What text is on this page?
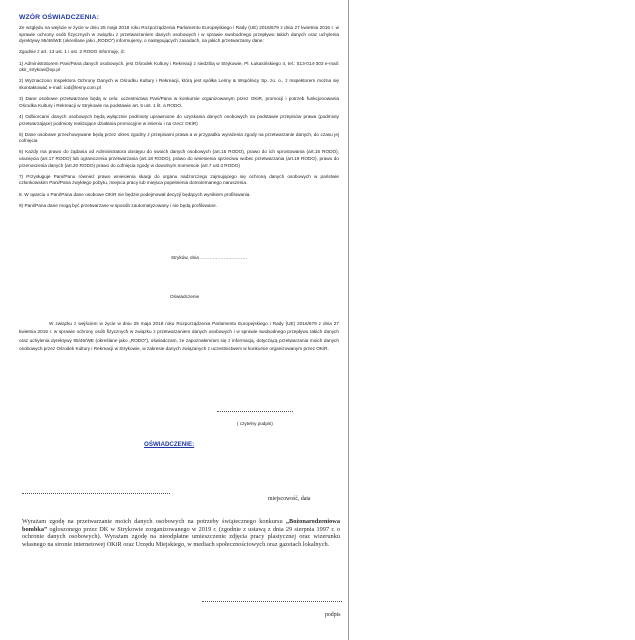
WZÓR OŚWIADCZENIA:

Ze względu na wejście w życie w dniu 25 maja 2018 roku Rozporządzenia Parlamentu Europejskiego i Rady (UE) 2016/679 z dnia 27 kwietnia 2016 r. w sprawie ochrony osób fizycznych w związku z przetwarzaniem danych osobowych i w sprawie swobodnego przepływu takich danych oraz uchylenia dyrektywy 95/46/WE (określane jako „RODO”) informujemy, o następujących zasadach, na jakich przetwarzamy dane:

Zgodnie z art. 13 ust. 1 i ust. 2 RODO informuję, iż:

1) Administratorem Pani/Pana danych osobowych, jest Ośrodek Kultury i Rekreacji z siedzibą w Strykowie, Pl. Łukasińskiego 4, tel.: 513-014-303 e-mail: okir_strykow@op.pl

2) Wyznaczono Inspektora Ochrony Danych w Ośrodku Kultury i Rekreacji, którą jest spółka Leśny & Wspólnicy Sp. zo. o., z Inspektorem można się skontaktować e-mail: iod@lesny.com.pl

3) Dane osobowe przetwarzane będą w celu: uczestnictwa Pani/Pana w konkursie organizowanym przez OKiR, promocji i potrzeb funkcjonowania Ośrodka Kultury i Rekreacji w Strykowie na podstawie art. 6 ust. 1 lit. a RODO.

4) Odbiorcami danych osobowych będą wyłącznie podmioty uprawnione do uzyskania danych osobowych na podstawie przepisów prawa (podmioty przetwarzające) podmioty realizujące działania promocyjne w imieniu i na rzecz OKiR)

5) Dane osobowe przechowywane będą przez okres zgodny z przepisami prawa a w przypadku wyrażenia zgody na przetwarzanie danych, do czasu jej cofnięcia

6) Każdy ma prawo do żądania od Administratora dostępu do swoich danych osobowych (art.15 RODO), prawo do ich sprostowania (art.16 RODO), usunięcia (art.17 RODO) lub ograniczenia przetwarzania (art.18 RODO), prawo do wniesienia sprzeciwu wobec przetwarzania (art.19 RODO), prawo do przenoszenia danych (art.20 RODO) prawo do cofnięcia zgody w dowolnym momencie (art.7 ust.3 RODO)

7) Przysługuje Pani/Panu również prawo wniesienia skargi do organu nadzorczego zajmującego się ochroną danych osobowych w państwie członkowskim Pani/Pana zwykłego pobytu, miejsca pracy lub miejsca popełnienia domniemanego naruszenia.

8. W oparciu o Pani/Pana dane osobowe OKiR nie będzie podejmował decyzji będących wynikiem profilowania.

9) Pani/Pana dane mogą być przetwarzane w sposób zautomatyzowany i nie będą profilowane.

Stryków, dnia …………………………
Oświadczenie
W związku z wejściem w życie w dniu 25 maja 2018 roku Rozporządzenia Parlamentu Europejskiego i Rady (UE) 2016/679 z dnia 27 kwietnia 2016 r. w sprawie ochrony osób fizycznych w związku z przetwarzaniem danych osobowych i w sprawie swobodnego przepływu takich danych oraz uchylenia dyrektywy 95/46/WE (określane jako „RODO”), oświadczam, że zapoznałem/am się z informacją, dotyczącą przetwarzania moich danych osobowych przez Ośrodek Kultury i Rekreacji w Strykowie, w zakresie danych związanych z uczestnictwem w konkursie organizowanym przez OKiR.
( czytelny podpis)
OŚWIADCZENIE:
miejscowość, data
Wyrażam zgodę na przetwarzanie moich danych osobowych na potrzeby świątecznego konkursu „Bożonarodzeniowa bombka” ogłoszonego przez DK w Strykowie zorganizowanego w 2019 r. (zgodnie z ustawą z dnia 29 sierpnia 1997 r. o ochronie danych osobowych). Wyrażam zgodę na nieodpłatne umieszczenie zdjęcia pracy plastycznej oraz wizerunku własnego na stronie internetowej OKiR oraz Urzędu Miejskiego, w mediach społecznościowych oraz gazetach lokalnych.
podpis
